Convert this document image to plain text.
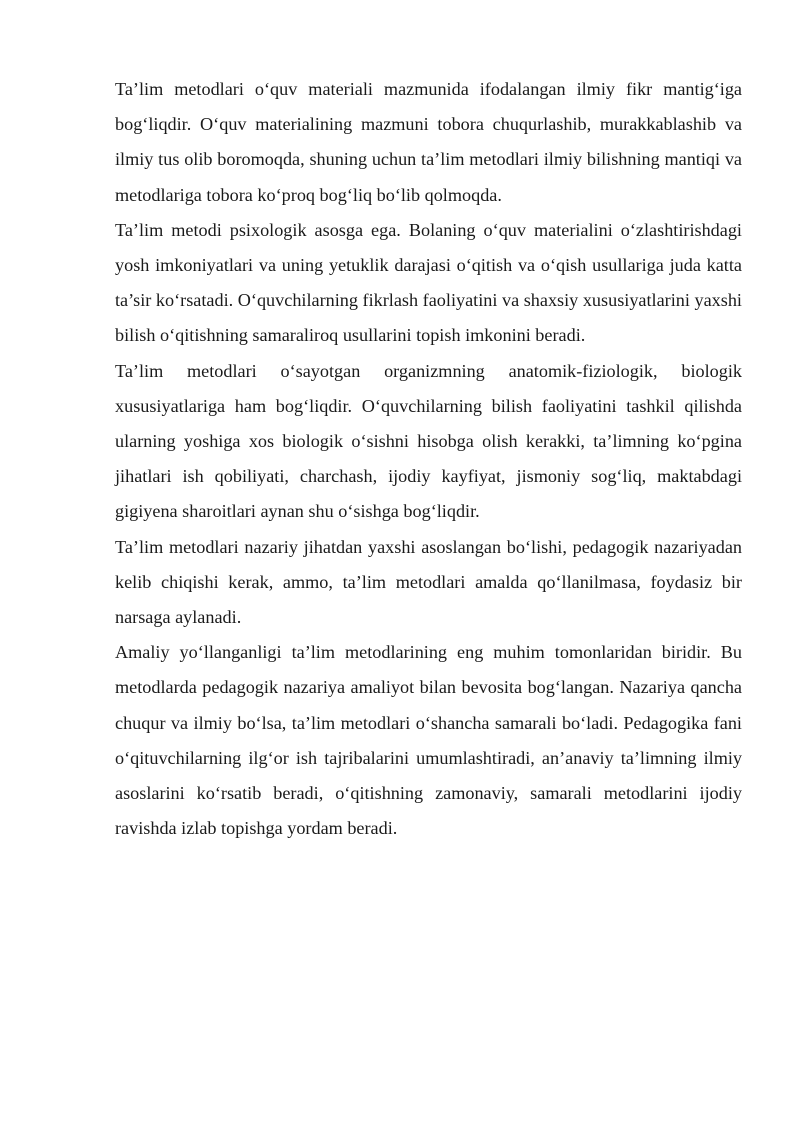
Ta’lim metodlari o‘quv materiali mazmunida ifodalangan ilmiy fikr mantig‘iga bog‘liqdir. O‘quv materialining mazmuni tobora chuqurlashib, murakkablashib va ilmiy tus olib boromoqda, shuning uchun ta’lim metodlari ilmiy bilishning mantiqi va metodlariga tobora ko‘proq bog‘liq bo‘lib qolmoqda.

Ta’lim metodi psixologik asosga ega. Bolaning o‘quv materialini o‘zlashtirishdagi yosh imkoniyatlari va uning yetuklik darajasi o‘qitish va o‘qish usullariga juda katta ta’sir ko‘rsatadi. O‘quvchilarning fikrlash faoliyatini va shaxsiy xususiyatlarini yaxshi bilish o‘qitishning samaraliroq usullarini topish imkonini beradi.

Ta’lim metodlari o‘sayotgan organizmning anatomik-fiziologik, biologik xususiyatlariga ham bog‘liqdir. O‘quvchilarning bilish faoliyatini tashkil qilishda ularning yoshiga xos biologik o‘sishni hisobga olish kerakki, ta’limning ko‘pgina jihatlari ish qobiliyati, charchash, ijodiy kayfiyat, jismoniy sog‘liq, maktabdagi gigiyena sharoitlari aynan shu o‘sishga bog‘liqdir.

Ta’lim metodlari nazariy jihatdan yaxshi asoslangan bo‘lishi, pedagogik nazariyadan kelib chiqishi kerak, ammo, ta’lim metodlari amalda qo‘llanilmasa, foydasiz bir narsaga aylanadi.

Amaliy yo‘llanganligi ta’lim metodlarining eng muhim tomonlaridan biridir. Bu metodlarda pedagogik nazariya amaliyot bilan bevosita bog‘langan. Nazariya qancha chuqur va ilmiy bo‘lsa, ta’lim metodlari o‘shancha samarali bo‘ladi. Pedagogika fani o‘qituvchilarning ilg‘or ish tajribalarini umumlashtiradi, an’anaviy ta’limning ilmiy asoslarini ko‘rsatib beradi, o‘qitishning zamonaviy, samarali metodlarini ijodiy ravishda izlab topishga yordam beradi.
